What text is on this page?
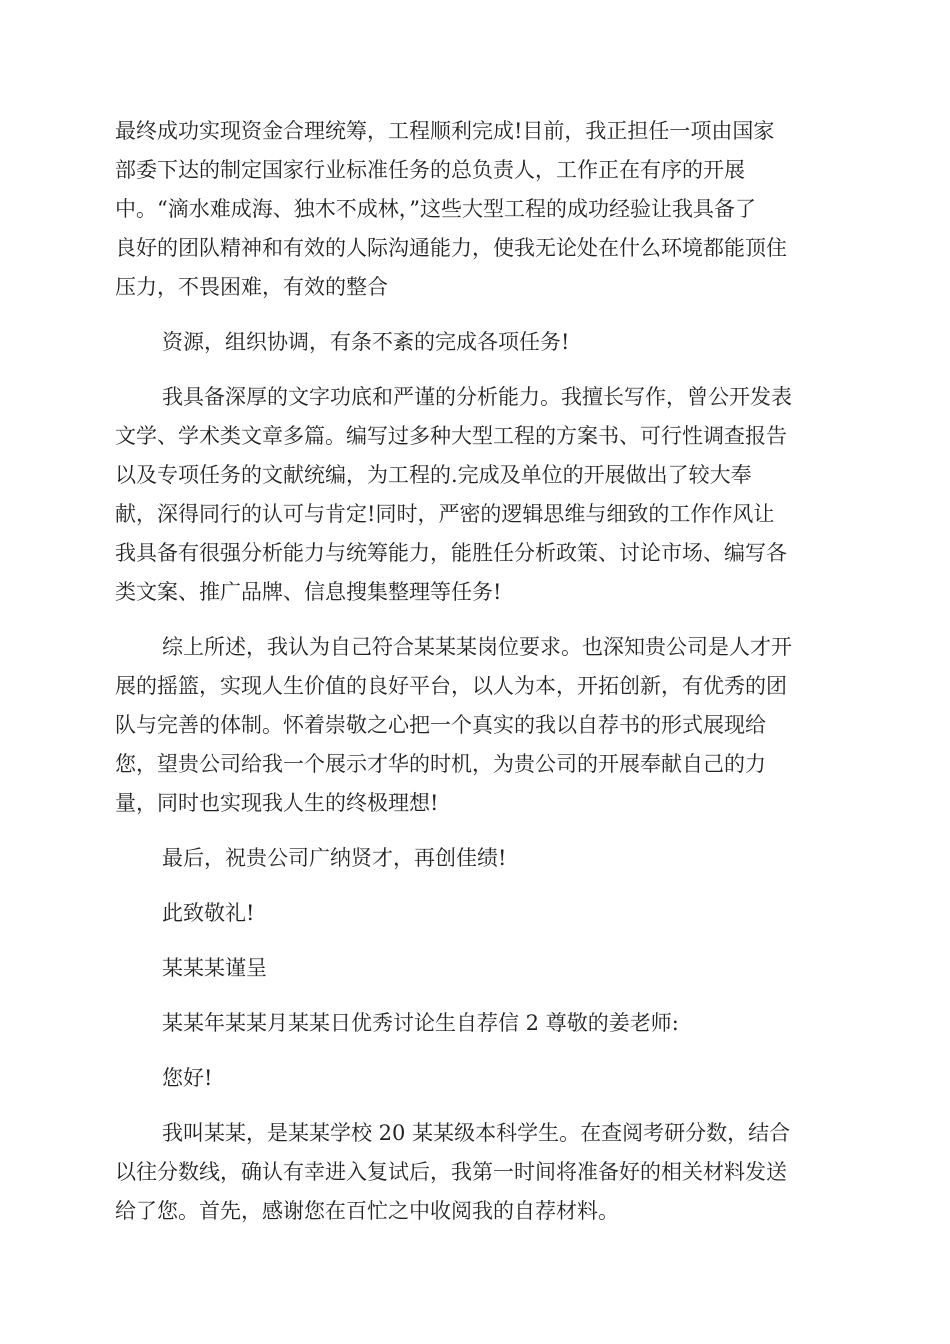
最终成功实现资金合理统筹，工程顺利完成!目前，我正担任一项由国家
部委下达的制定国家行业标准任务的总负责人，工作正在有序的开展
中。“滴水难成海、独木不成林，”这些大型工程的成功经验让我具备了
良好的团队精神和有效的人际沟通能力，使我无论处在什么环境都能顶住
压力，不畏困难，有效的整合
资源，组织协调，有条不紊的完成各项任务!
我具备深厚的文字功底和严谨的分析能力。我擅长写作，曾公开发表
文学、学术类文章多篇。编写过多种大型工程的方案书、可行性调查报告
以及专项任务的文献统编，为工程的.完成及单位的开展做出了较大奉
献，深得同行的认可与肯定!同时，严密的逻辑思维与细致的工作作风让
我具备有很强分析能力与统筹能力，能胜任分析政策、讨论市场、编写各
类文案、推广品牌、信息搜集整理等任务!
综上所述，我认为自己符合某某某岗位要求。也深知贵公司是人才开
展的摇篮，实现人生价值的良好平台，以人为本，开拓创新，有优秀的团
队与完善的体制。怀着崇敬之心把一个真实的我以自荐书的形式展现给
您，望贵公司给我一个展示才华的时机，为贵公司的开展奉献自己的力
量，同时也实现我人生的终极理想!
最后，祝贵公司广纳贤才，再创佳绩!
此致敬礼!
某某某谨呈
某某年某某月某某日优秀讨论生自荐信 2 尊敬的姜老师:
您好!
我叫某某，是某某学校 20 某某级本科学生。在查阅考研分数，结合
以往分数线，确认有幸进入复试后，我第一时间将准备好的相关材料发送
给了您。首先，感谢您在百忙之中收阅我的自荐材料。
